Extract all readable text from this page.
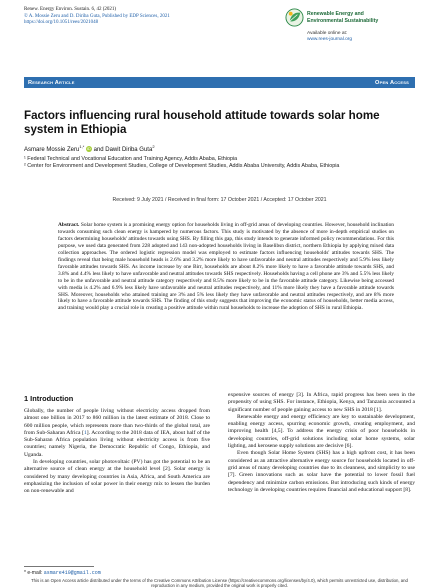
Renew. Energy Environ. Sustain. 6, 42 (2021)
© A. Mossie Zeru and D. Diriba Guta, Published by EDP Sciences, 2021
https://doi.org/10.1051/rees/2021048
Renewable Energy and
Environmental Sustainability
Available online at:
www.rees-journal.org
Research Article	Open Access
Factors influencing rural household attitude towards solar home system in Ethiopia
Asmare Mossie Zeru$^{1,*}$ iD and Dawit Diriba Guta$^2$
¹ Federal Technical and Vocational Education and Training Agency, Addis Ababa, Ethiopia
² Center for Environment and Development Studies, College of Development Studies, Addis Ababa University, Addis Ababa, Ethiopia
Received: 9 July 2021 / Received in final form: 17 October 2021 / Accepted: 17 October 2021
Abstract. Solar home system is a promising energy option for households living in off-grid areas of developing countries. However, household inclination towards consuming such clean energy is hampered by numerous factors. This study is motivated by the absence of more in-depth empirical studies on factors determining households' attitudes towards using SHS. By filling this gap, this study intends to generate informed policy recommendations. For this purpose, we used data generated from 228 adopted and 143 non-adopted households living in Baselibsn district, northern Ethiopia by applying mixed data collection approaches. The ordered logistic regression model was employed to estimate factors influencing households' attitudes towards SHS. The findings reveal that being male household heads is 2.6% and 3.2% more likely to have unfavorable and neutral attitudes respectively and 5.9% less likely favorable attitudes towards SHS. As income increase by one Birr, households are about 8.2% more likely to have a favorable attitude towards SHS, and 3.8% and 4.4% less likely to have unfavorable and neutral attitudes towards SHS respectively. Households having a cell phone are 3% and 5.5% less likely to be in the unfavorable and neutral attitude category respectively and 8.5% more likely to be in the favorable attitude category. Likewise being accessed with media is 4.2% and 6.9% less likely have unfavorable and neutral attitudes respectively, and 11% more likely they have a favorable attitude towards SHS. Moreover, households who attained training are 3% and 5% less likely they have unfavorable and neutral attitudes respectively, and are 8% more likely to have a favorable attitude towards SHS. The finding of this study suggests that improving the economic status of households, better media access, and training would play a crucial role in creating a positive attitude within rural households to increase the adoption of SHS in rural Ethiopia.
1 Introduction

Globally, the number of people living without electricity access dropped from almost one billion in 2017 to 860 million in the latest estimate of 2018. Close to 600 million people, which represents more than two-thirds of the global total, are from Sub-Saharan Africa [1]. According to the 2018 data of IEA, about half of the Sub-Saharan Africa population living without electricity access is from five countries; namely Nigeria, the Democratic Republic of Congo, Ethiopia, and Uganda.

In developing countries, solar photovoltaic (PV) has got the potential to be an alternative source of clean energy at the household level [2]. Solar energy is considered by many developing countries in Asia, Africa, and South America are emphasizing the inclusion of solar power in their energy mix to lessen the burden on non-renewable and

expensive sources of energy [3]. In Africa, rapid progress has been seen in the propensity of using SHS. For instance, Ethiopia, Kenya, and Tanzania accounted a significant number of people gaining access to new SHS in 2018 [1].

Renewable energy and energy efficiency are key to sustainable development, enabling energy access, spurring economic growth, creating employment, and improving health [4,5]. To address the energy crisis of poor households in developing countries, off-grid solutions including solar home systems, solar lighting, and kerosene supply solutions are decisive [6].

Even though Solar Home System (SHS) has a high upfront cost, it has been considered as an attractive alternative energy source for households located in off-grid areas of many developing countries due to its cleanness, and simplicity to use [7]. Green innovations such as solar have the potential to lower fossil fuel dependency and minimize carbon emissions. But introducing such kinds of energy technology in developing countries requires financial and educational support [8].

* e-mail: asmare410@gmail.com
This is an Open Access article distributed under the terms of the Creative Commons Attribution License (https://creativecommons.org/licenses/by/4.0), which permits unrestricted use, distribution, and reproduction in any medium, provided the original work is properly cited.
